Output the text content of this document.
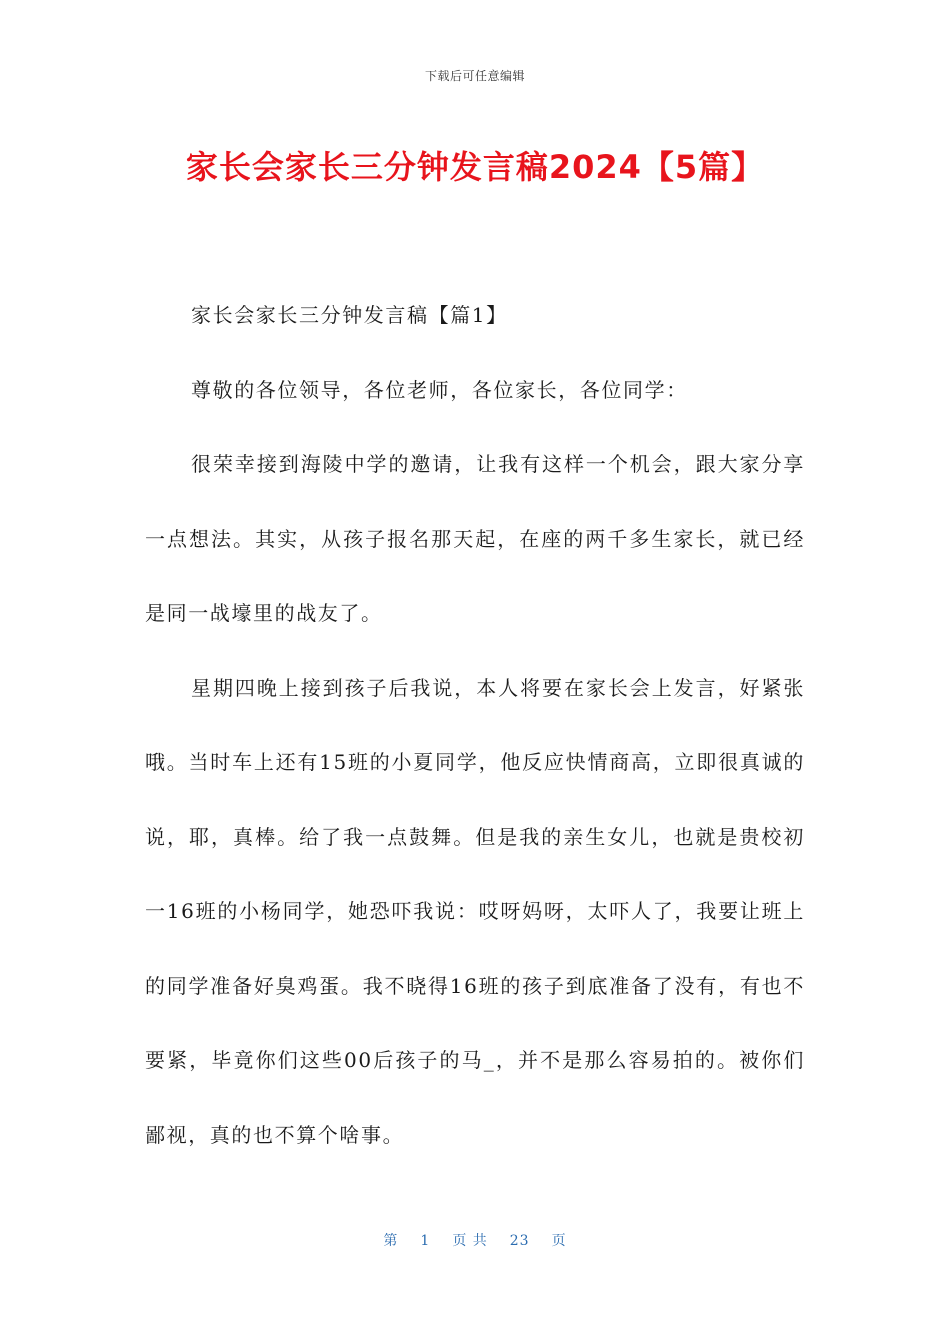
下载后可任意编辑
家长会家长三分钟发言稿2024【5篇】

家长会家长三分钟发言稿【篇1】

尊敬的各位领导，各位老师，各位家长，各位同学：

很荣幸接到海陵中学的邀请，让我有这样一个机会，跟大家分享一点想法。其实，从孩子报名那天起，在座的两千多生家长，就已经是同一战壕里的战友了。

星期四晚上接到孩子后我说，本人将要在家长会上发言，好紧张哦。当时车上还有15班的小夏同学，他反应快情商高，立即很真诚的说，耶，真棒。给了我一点鼓舞。但是我的亲生女儿，也就是贵校初一16班的小杨同学，她恐吓我说：哎呀妈呀，太吓人了，我要让班上的同学准备好臭鸡蛋。我不晓得16班的孩子到底准备了没有，有也不要紧，毕竟你们这些00后孩子的马_，并不是那么容易拍的。被你们鄙视，真的也不算个啥事。

第 1 页 共 23 页
